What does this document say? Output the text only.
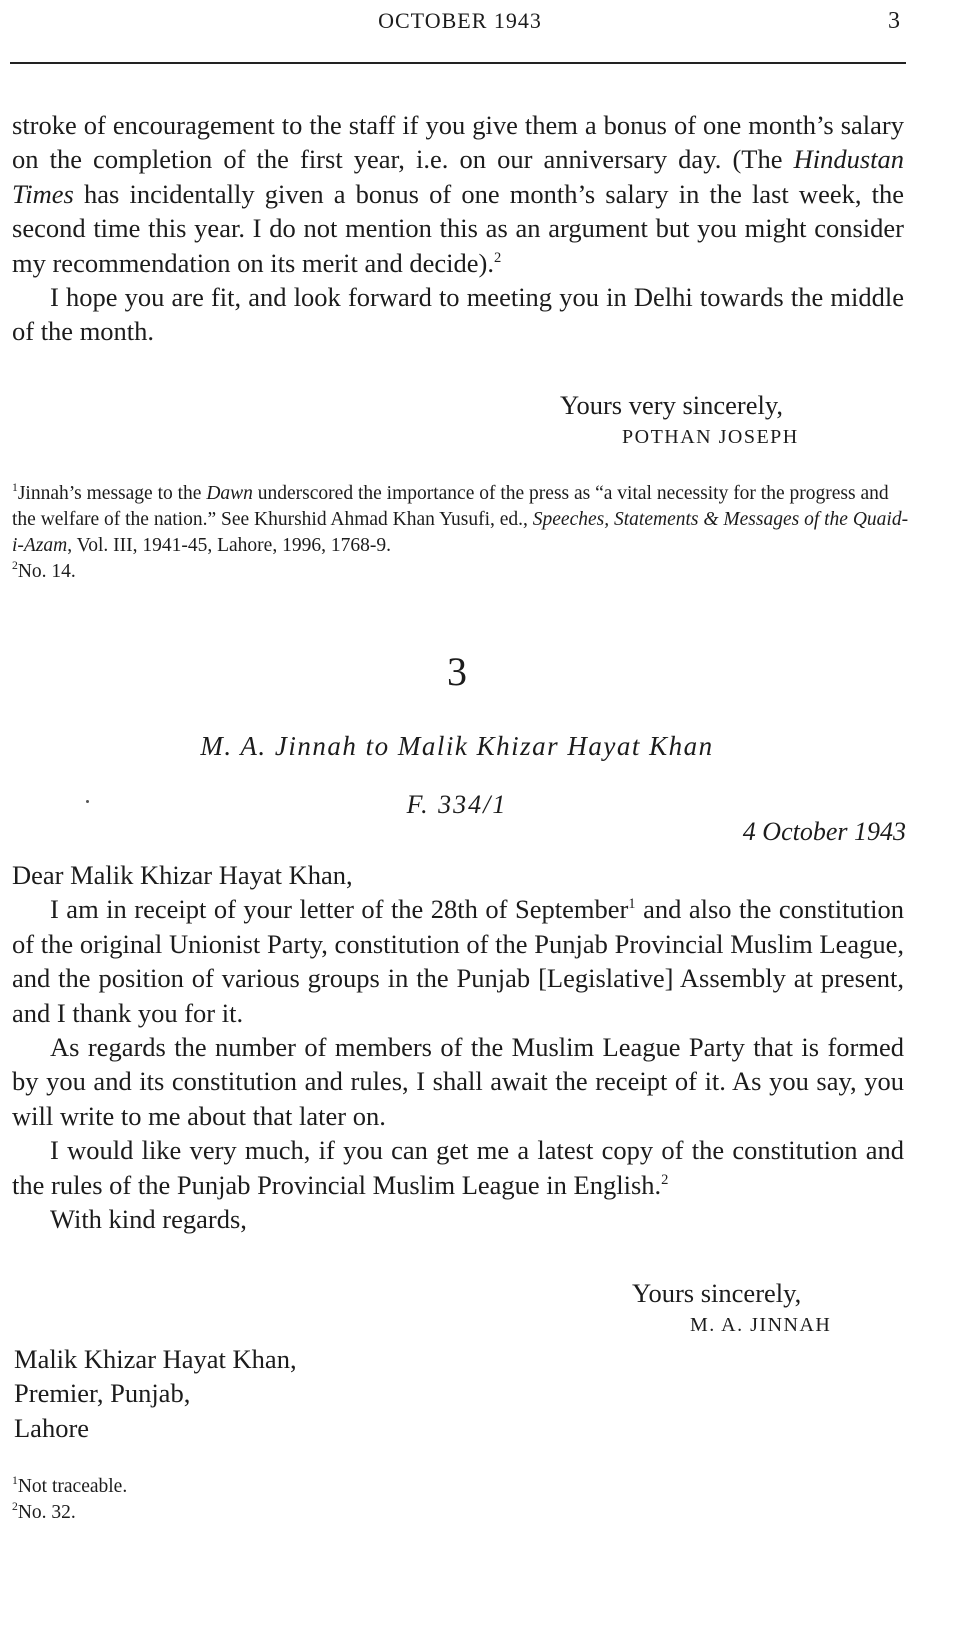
OCTOBER 1943	3

stroke of encouragement to the staff if you give them a bonus of one month’s salary on the completion of the first year, i.e. on our anniversary day. (The Hindustan Times has incidentally given a bonus of one month’s salary in the last week, the second time this year. I do not mention this as an argument but you might consider my recommendation on its merit and decide).$^2$

I hope you are fit, and look forward to meeting you in Delhi towards the middle of the month.

Yours very sincerely,
POTHAN JOSEPH

$^1$Jinnah’s message to the Dawn underscored the importance of the press as “a vital necessity for the progress and the welfare of the nation.” See Khurshid Ahmad Khan Yusufi, ed., Speeches, Statements & Messages of the Quaid-i-Azam, Vol. III, 1941-45, Lahore, 1996, 1768-9.

$^2$No. 14.

3
M. A. Jinnah to Malik Khizar Hayat Khan
F. 334/1
4 October 1943

Dear Malik Khizar Hayat Khan,

I am in receipt of your letter of the 28th of September$^1$ and also the constitution of the original Unionist Party, constitution of the Punjab Provincial Muslim League, and the position of various groups in the Punjab [Legislative] Assembly at present, and I thank you for it.

As regards the number of members of the Muslim League Party that is formed by you and its constitution and rules, I shall await the receipt of it. As you say, you will write to me about that later on.

I would like very much, if you can get me a latest copy of the constitution and the rules of the Punjab Provincial Muslim League in English.$^2$

With kind regards,

Yours sincerely,
M. A. JINNAH
Malik Khizar Hayat Khan,
Premier, Punjab,
Lahore

$^1$Not traceable.

$^2$No. 32.
